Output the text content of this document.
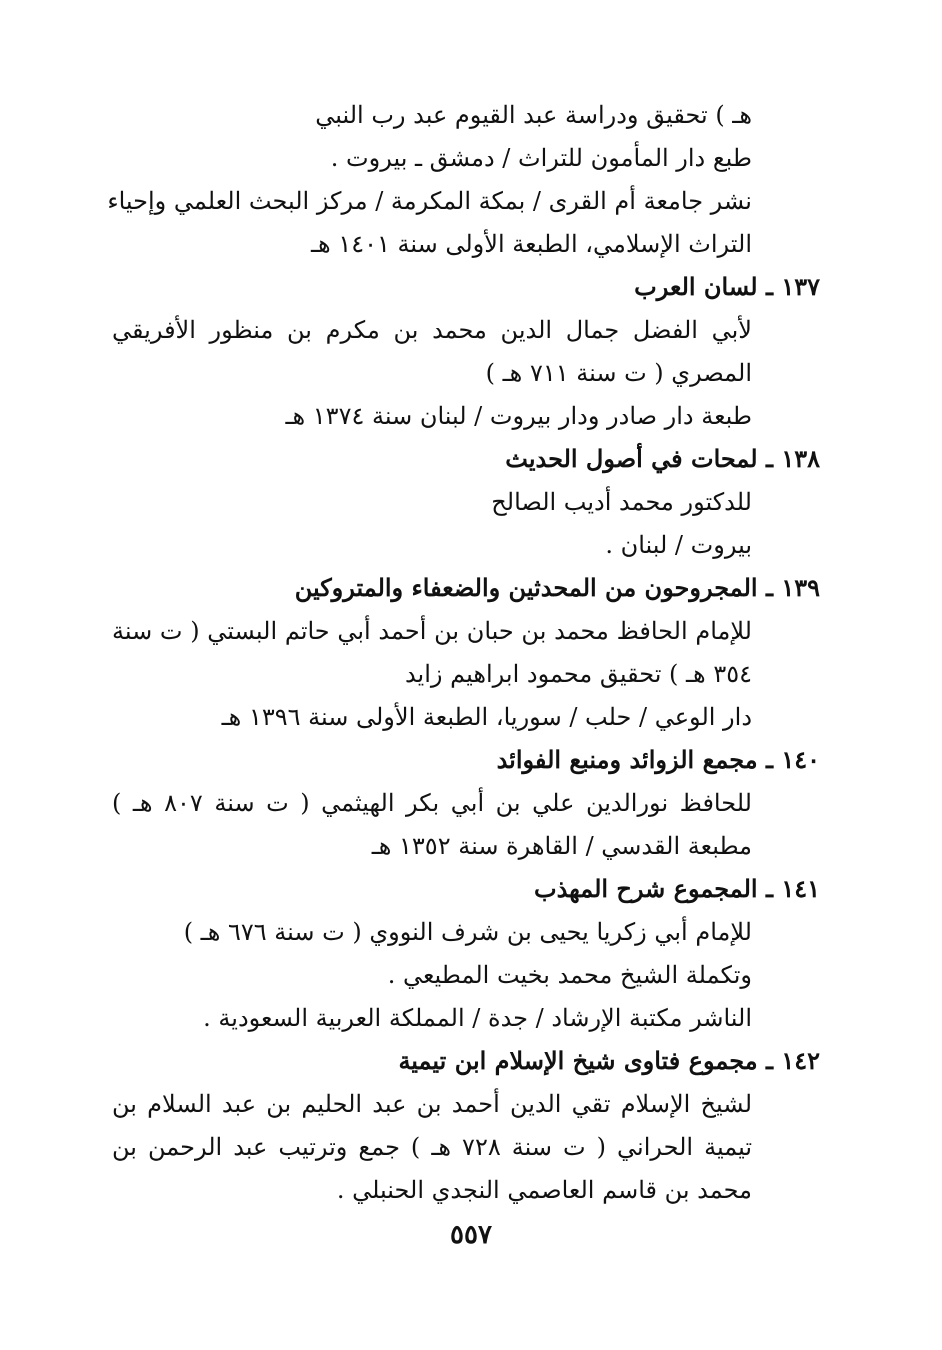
هـ ) تحقيق ودراسة عبد القيوم عبد رب النبي
طبع دار المأمون للتراث / دمشق ـ بيروت .
نشر جامعة أم القرى / بمكة المكرمة / مركز البحث العلمي وإحياء
التراث الإسلامي، الطبعة الأولى سنة ١٤٠١ هـ
١٣٧ ـ لسان العرب
لأبي الفضل جمال الدين محمد بن مكرم بن منظور الأفريقي
المصري ( ت سنة ٧١١ هـ )
طبعة دار صادر ودار بيروت / لبنان سنة ١٣٧٤ هـ
١٣٨ ـ لمحات في أصول الحديث
للدكتور محمد أديب الصالح
بيروت / لبنان .
١٣٩ ـ المجروحون من المحدثين والضعفاء والمتروكين
للإمام الحافظ محمد بن حبان بن أحمد أبي حاتم البستي ( ت سنة
٣٥٤ هـ ) تحقيق محمود ابراهيم زايد
دار الوعي / حلب / سوريا، الطبعة الأولى سنة ١٣٩٦ هـ
١٤٠ ـ مجمع الزوائد ومنبع الفوائد
للحافظ نورالدين علي بن أبي بكر الهيثمي ( ت سنة ٨٠٧ هـ )
مطبعة القدسي / القاهرة سنة ١٣٥٢ هـ
١٤١ ـ المجموع شرح المهذب
للإمام أبي زكريا يحيى بن شرف النووي ( ت سنة ٦٧٦ هـ )
وتكملة الشيخ محمد بخيت المطيعي .
الناشر مكتبة الإرشاد / جدة / المملكة العربية السعودية .
١٤٢ ـ مجموع فتاوى شيخ الإسلام ابن تيمية
لشيخ الإسلام تقي الدين أحمد بن عبد الحليم بن عبد السلام بن
تيمية الحراني ( ت سنة ٧٢٨ هـ ) جمع وترتيب عبد الرحمن بن
محمد بن قاسم العاصمي النجدي الحنبلي .
٥٥٧
